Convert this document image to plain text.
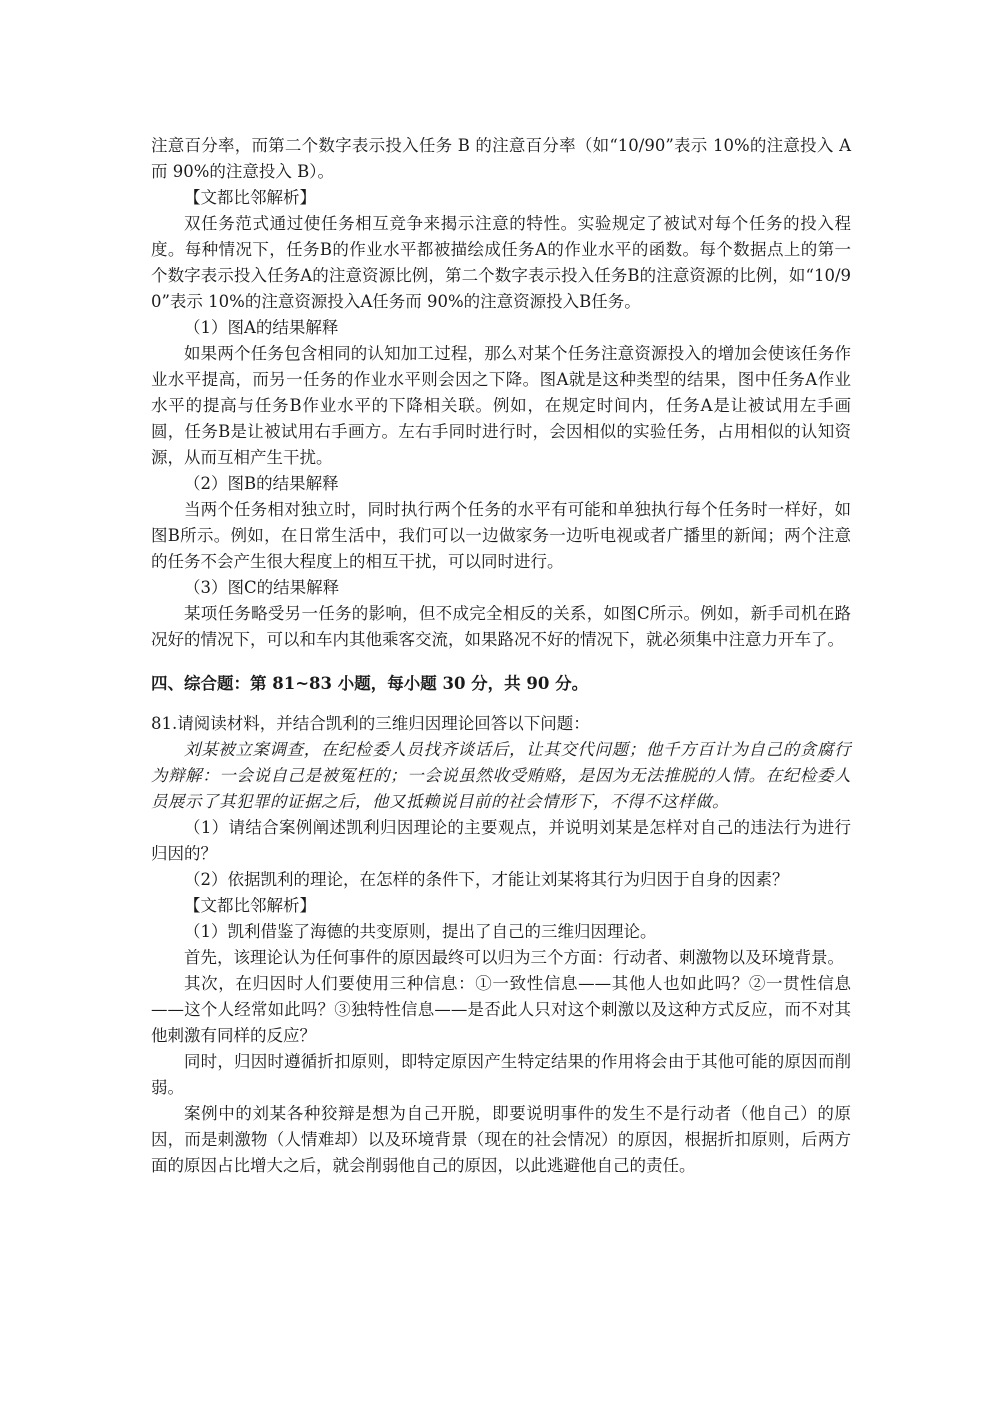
注意百分率，而第二个数字表示投入任务 B 的注意百分率（如“10/90”表示 10%的注意投入 A 而 90%的注意投入 B）。

【文都比邻解析】

双任务范式通过使任务相互竞争来揭示注意的特性。实验规定了被试对每个任务的投入程度。每种情况下，任务B的作业水平都被描绘成任务A的作业水平的函数。每个数据点上的第一个数字表示投入任务A的注意资源比例，第二个数字表示投入任务B的注意资源的比例，如“10/90”表示 10%的注意资源投入A任务而 90%的注意资源投入B任务。

（1）图A的结果解释

如果两个任务包含相同的认知加工过程，那么对某个任务注意资源投入的增加会使该任务作业水平提高，而另一任务的作业水平则会因之下降。图A就是这种类型的结果，图中任务A作业水平的提高与任务B作业水平的下降相关联。例如，在规定时间内，任务A是让被试用左手画圆，任务B是让被试用右手画方。左右手同时进行时，会因相似的实验任务，占用相似的认知资源，从而互相产生干扰。

（2）图B的结果解释

当两个任务相对独立时，同时执行两个任务的水平有可能和单独执行每个任务时一样好，如图B所示。例如，在日常生活中，我们可以一边做家务一边听电视或者广播里的新闻；两个注意的任务不会产生很大程度上的相互干扰，可以同时进行。

（3）图C的结果解释

某项任务略受另一任务的影响，但不成完全相反的关系，如图C所示。例如，新手司机在路况好的情况下，可以和车内其他乘客交流，如果路况不好的情况下，就必须集中注意力开车了。

四、综合题：第 81~83 小题，每小题 30 分，共 90 分。

81.请阅读材料，并结合凯利的三维归因理论回答以下问题：

刘某被立案调查，在纪检委人员找齐谈话后，让其交代问题；他千方百计为自己的贪腐行为辩解：一会说自己是被冤枉的；一会说虽然收受贿赂，是因为无法推脱的人情。在纪检委人员展示了其犯罪的证据之后，他又抵赖说目前的社会情形下，不得不这样做。

（1）请结合案例阐述凯利归因理论的主要观点，并说明刘某是怎样对自己的违法行为进行归因的？

（2）依据凯利的理论，在怎样的条件下，才能让刘某将其行为归因于自身的因素？

【文都比邻解析】

（1）凯利借鉴了海德的共变原则，提出了自己的三维归因理论。

首先，该理论认为任何事件的原因最终可以归为三个方面：行动者、刺激物以及环境背景。

其次，在归因时人们要使用三种信息：①一致性信息——其他人也如此吗？②一贯性信息——这个人经常如此吗？③独特性信息——是否此人只对这个刺激以及这种方式反应，而不对其他刺激有同样的反应？

同时，归因时遵循折扣原则，即特定原因产生特定结果的作用将会由于其他可能的原因而削弱。

案例中的刘某各种狡辩是想为自己开脱，即要说明事件的发生不是行动者（他自己）的原因，而是刺激物（人情难却）以及环境背景（现在的社会情况）的原因，根据折扣原则，后两方面的原因占比增大之后，就会削弱他自己的原因，以此逃避他自己的责任。
